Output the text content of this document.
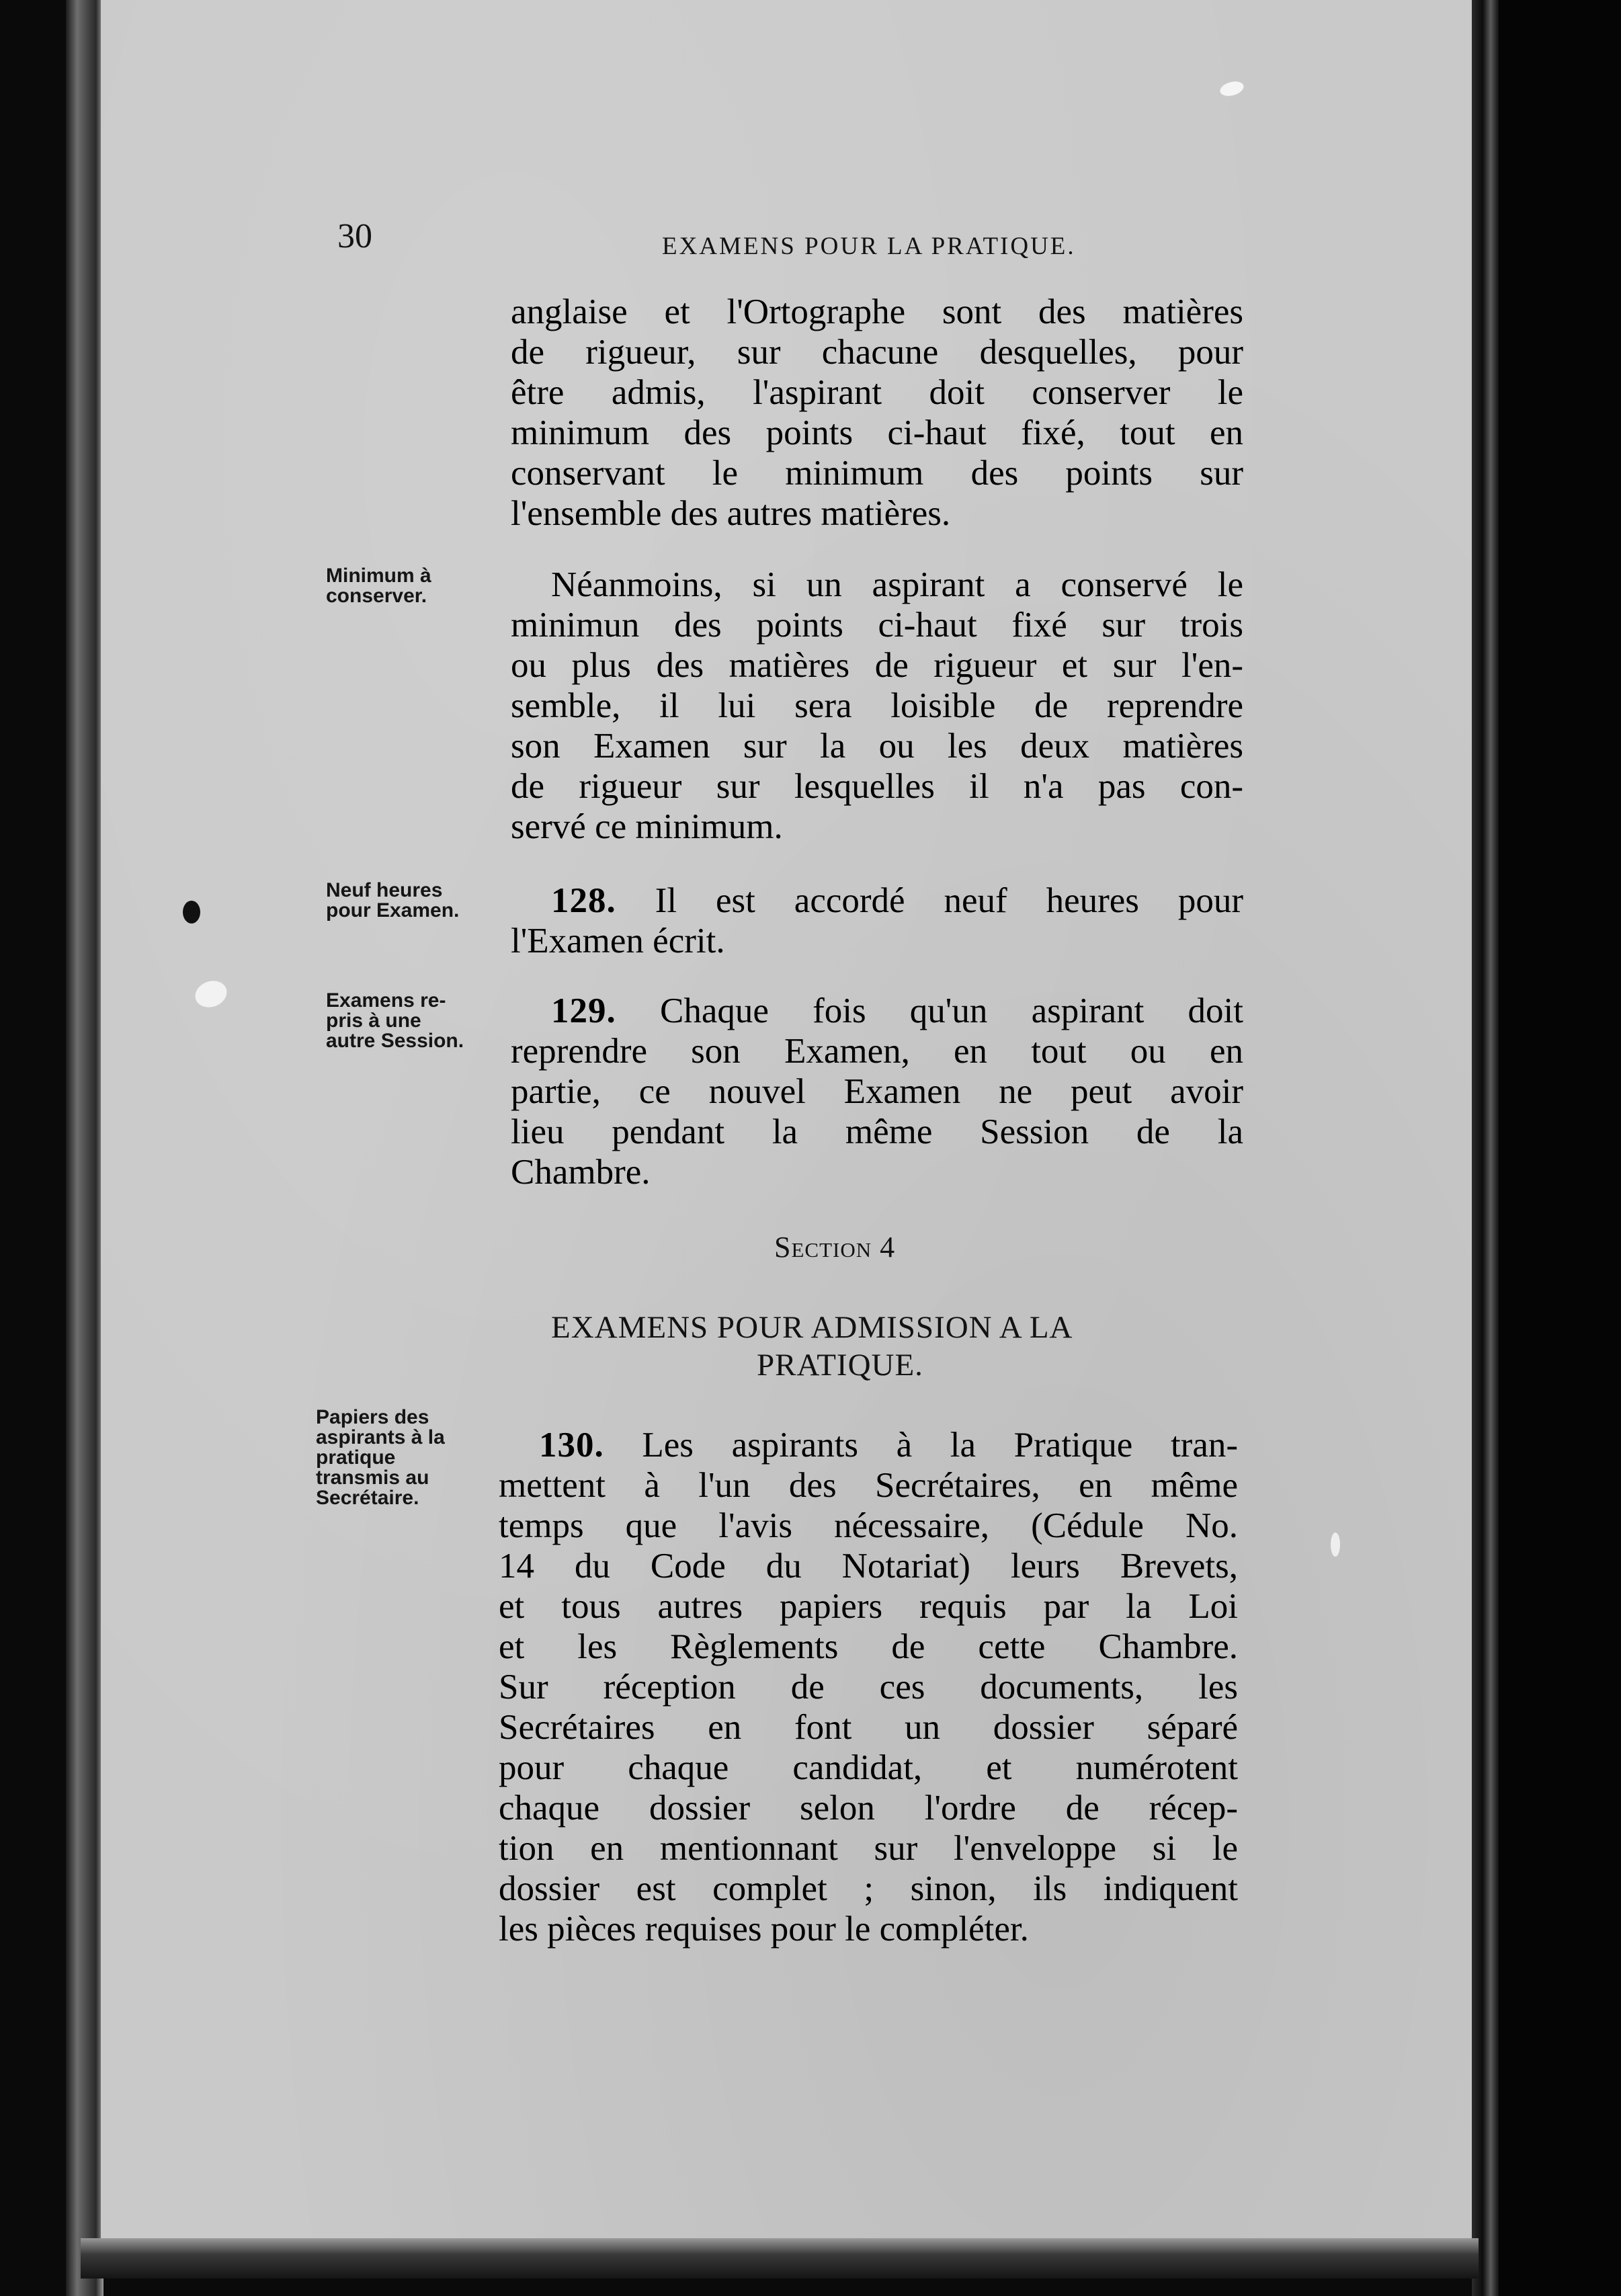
30	EXAMENS POUR LA PRATIQUE.
anglaise et l'Ortographe sont des matières
de rigueur, sur chacune desquelles, pour
être admis, l'aspirant doit conserver le
minimum des points ci-haut fixé, tout en
conservant le minimum des points sur
l'ensemble des autres matières.
Minimum à
conserver.	Néanmoins, si un aspirant a conservé le
minimun des points ci-haut fixé sur trois
ou plus des matières de rigueur et sur l'en-
semble, il lui sera loisible de reprendre
son Examen sur la ou les deux matières
de rigueur sur lesquelles il n'a pas con-
servé ce minimum.
Neuf heures
pour Examen.	128. Il est accordé neuf heures pour
l'Examen écrit.
Examens re-
pris à une
autre Session.
129. Chaque fois qu'un aspirant doit
reprendre son Examen, en tout ou en
partie, ce nouvel Examen ne peut avoir
lieu pendant la même Session de la
Chambre.
Section 4
EXAMENS POUR ADMISSION A LA
PRATIQUE.
Papiers des
aspirants à la
pratique
transmis au
Secrétaire.
130. Les aspirants à la Pratique tran-
mettent à l'un des Secrétaires, en même
temps que l'avis nécessaire, (Cédule No.
14 du Code du Notariat) leurs Brevets,
et tous autres papiers requis par la Loi
et les Règlements de cette Chambre.
Sur réception de ces documents, les
Secrétaires en font un dossier séparé
pour chaque candidat, et numérotent
chaque dossier selon l'ordre de récep-
tion en mentionnant sur l'enveloppe si le
dossier est complet ; sinon, ils indiquent
les pièces requises pour le compléter.
